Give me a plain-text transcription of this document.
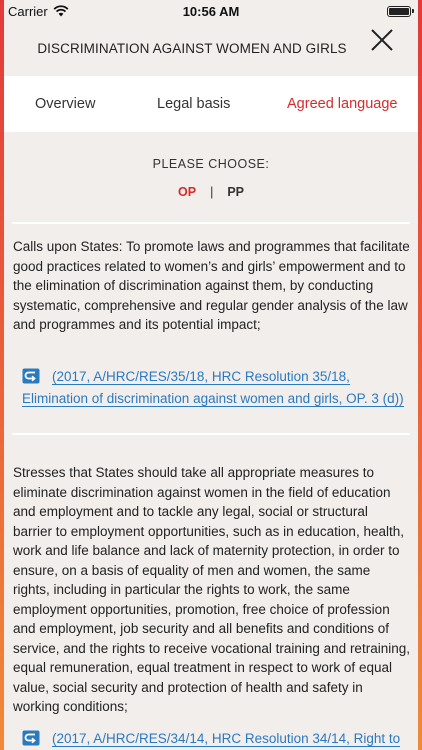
Carrier	10:56 AM
DISCRIMINATION AGAINST WOMEN AND GIRLS
Overview	Legal basis	Agreed language
PLEASE CHOOSE:
OP | PP
Calls upon States: To promote laws and programmes that facilitate good practices related to women’s and girls’ empowerment and to the elimination of discrimination against them, by conducting systematic, comprehensive and regular gender analysis of the law and programmes and its potential impact;
(2017, A/HRC/RES/35/18, HRC Resolution 35/18, Elimination of discrimination against women and girls, OP. 3 (d))
Stresses that States should take all appropriate measures to eliminate discrimination against women in the field of education and employment and to tackle any legal, social or structural barrier to employment opportunities, such as in education, health, work and life balance and lack of maternity protection, in order to ensure, on a basis of equality of men and women, the same rights, including in particular the rights to work, the same employment opportunities, promotion, free choice of profession and employment, job security and all benefits and conditions of service, and the rights to receive vocational training and retraining, equal remuneration, equal treatment in respect to work of equal value, social security and protection of health and safety in working conditions;
(2017, A/HRC/RES/34/14, HRC Resolution 34/14, Right to
